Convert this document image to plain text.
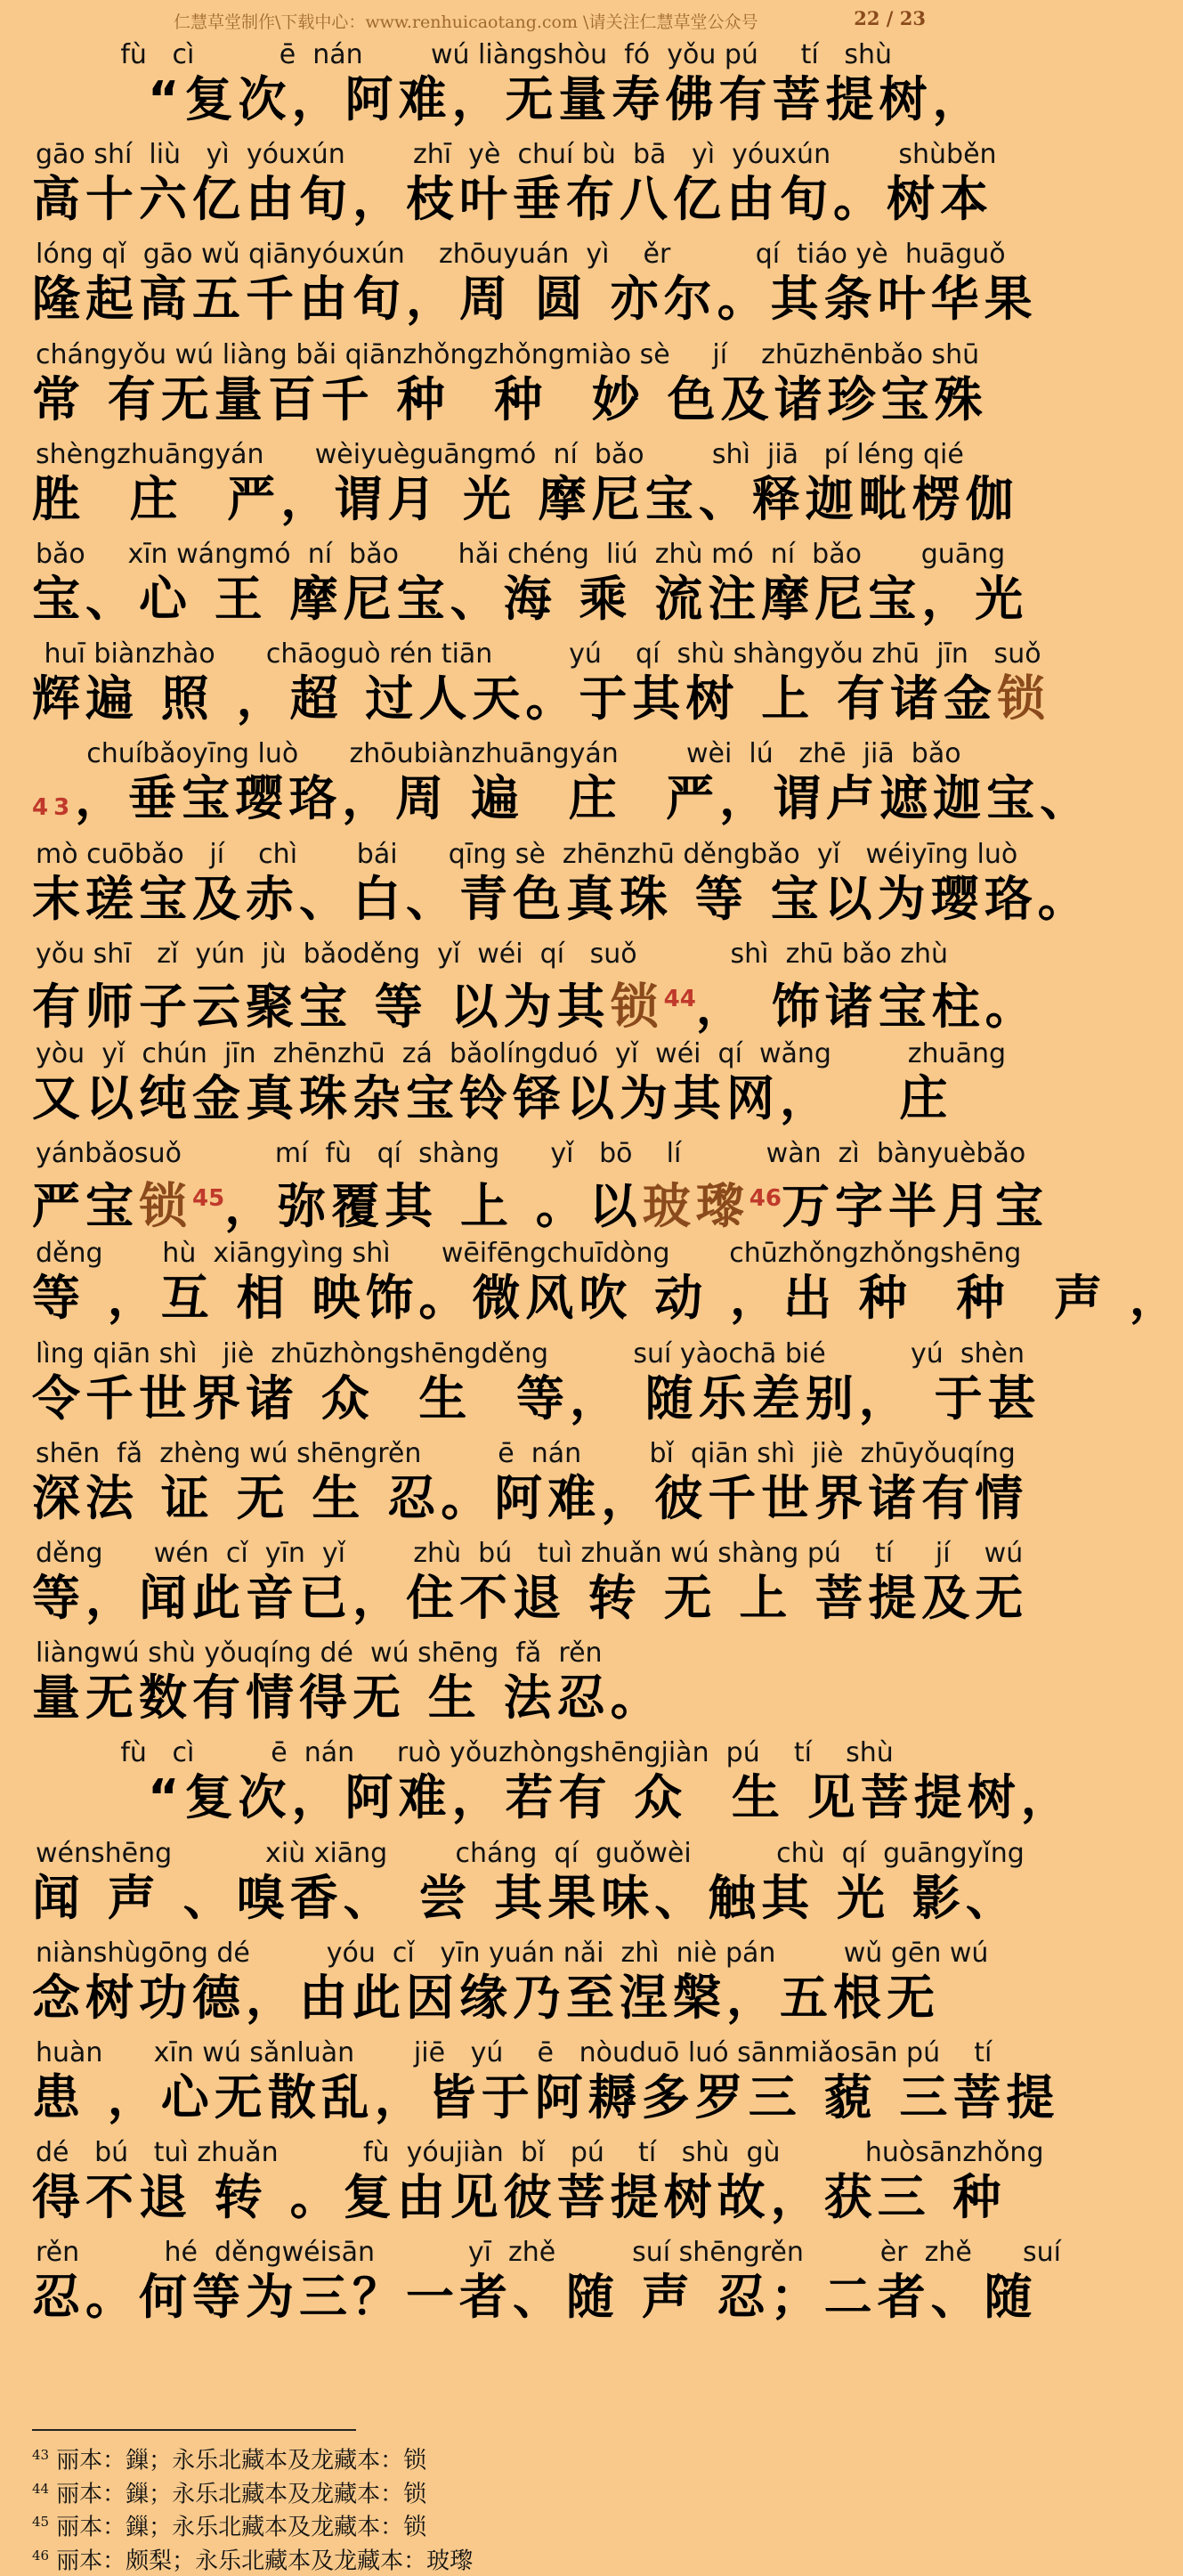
仁慧草堂制作\下载中心：www.renhuicaotang.com \请关注仁慧草堂公众号	22 / 23
fù   cì          ē  nán        wú liàngshòu  fó  yǒu pú     tí   shù
“复次，阿难，无量寿佛有菩提树，
gāo shí  liù   yì  yóuxún        zhī  yè  chuí bù  bā   yì  yóuxún        shùběn
高十六亿由旬，枝叶垂布八亿由旬。树本
lóng qǐ  gāo wǔ qiānyóuxún    zhōuyuán  yì    ěr          qí  tiáo yè  huāguǒ
隆起高五千由旬，周 圆 亦尔。其条叶华果
chángyǒu wú liàng bǎi qiānzhǒngzhǒngmiào sè     jí    zhūzhēnbǎo shū
常 有无量百千 种  种  妙 色及诸珍宝殊
shèngzhuāngyán      wèiyuèguāngmó  ní  bǎo        shì  jiā   pí léng qié
胜  庄  严，谓月 光 摩尼宝、释迦毗楞伽
bǎo     xīn wángmó  ní  bǎo       hǎi chéng  liú  zhù mó  ní  bǎo       guāng
宝、心 王 摩尼宝、海 乘 流注摩尼宝，光
huī biànzhào      chāoguò rén tiān         yú    qí  shù shàngyǒu zhū  jīn   suǒ
辉遍 照 ，超 过人天。于其树 上 有诸金锁
chuíbǎoyīng luò      zhōubiànzhuāngyán        wèi  lú   zhē  jiā  bǎo
43，垂宝璎珞，周 遍  庄  严，谓卢遮迦宝、
mò cuōbǎo   jí    chì       bái      qīng sè  zhēnzhū děngbǎo  yǐ   wéiyīng luò
末瑳宝及赤、白、青色真珠 等 宝以为璎珞。
yǒu shī   zǐ  yún  jù  bǎoděng  yǐ  wéi  qí   suǒ           shì  zhū bǎo zhù
有师子云聚宝 等 以为其锁$^{44}$， 饰诸宝柱。
yòu  yǐ  chún  jīn  zhēnzhū  zá  bǎolíngduó  yǐ  wéi  qí  wǎng         zhuāng
又以纯金真珠杂宝铃铎以为其网，   庄
yánbǎosuǒ           mí  fù   qí  shàng      yǐ   bō    lí          wàn  zì  bànyuèbǎo
严宝锁$^{45}$，弥覆其 上 。以玻瓈$^{46}$万字半月宝
děng       hù  xiāngyìng shì      wēifēngchuīdòng       chūzhǒngzhǒngshēng
等 ，互 相 映饰。微风吹 动 ，出 种  种  声 ，
lìng qiān shì   jiè  zhūzhòngshēngděng          suí yàochā bié          yú  shèn
令千世界诸 众  生  等， 随乐差别， 于甚
shēn  fǎ  zhèng wú shēngrěn         ē  nán        bǐ  qiān shì  jiè  zhūyǒuqíng
深法 证 无 生 忍。阿难，彼千世界诸有情
děng      wén  cǐ  yīn  yǐ        zhù  bú   tuì zhuǎn wú shàng pú    tí     jí    wú
等，闻此音已，住不退 转 无 上 菩提及无
liàngwú shù yǒuqíng dé  wú shēng  fǎ  rěn
量无数有情得无 生 法忍。
fù   cì         ē  nán     ruò yǒuzhòngshēngjiàn  pú    tí    shù
“复次，阿难，若有 众  生 见菩提树，
wénshēng           xiù xiāng        cháng  qí  guǒwèi          chù  qí  guāngyǐng
闻 声 、嗅香、 尝 其果味、触其 光 影、
niànshùgōng dé         yóu  cǐ   yīn yuán nǎi  zhì  niè pán        wǔ gēn wú
念树功德，由此因缘乃至涅槃，五根无
huàn      xīn wú sǎnluàn       jiē   yú    ē   nòuduō luó sānmiǎosān pú    tí
患 ，心无散乱，皆于阿耨多罗三 藐 三菩提
dé   bú   tuì zhuǎn          fù  yóujiàn  bǐ   pú    tí   shù  gù          huòsānzhǒng
得不退 转 。复由见彼菩提树故，获三 种
rěn          hé  děngwéisān           yī  zhě         suí shēngrěn         èr  zhě      suí
忍。何等为三？一者、随 声 忍；二者、随
$^{43}$ 丽本：鏁；永乐北藏本及龙藏本：锁
$^{44}$ 丽本：鏁；永乐北藏本及龙藏本：锁
$^{45}$ 丽本：鏁；永乐北藏本及龙藏本：锁
$^{46}$ 丽本：颇梨；永乐北藏本及龙藏本：玻瓈
